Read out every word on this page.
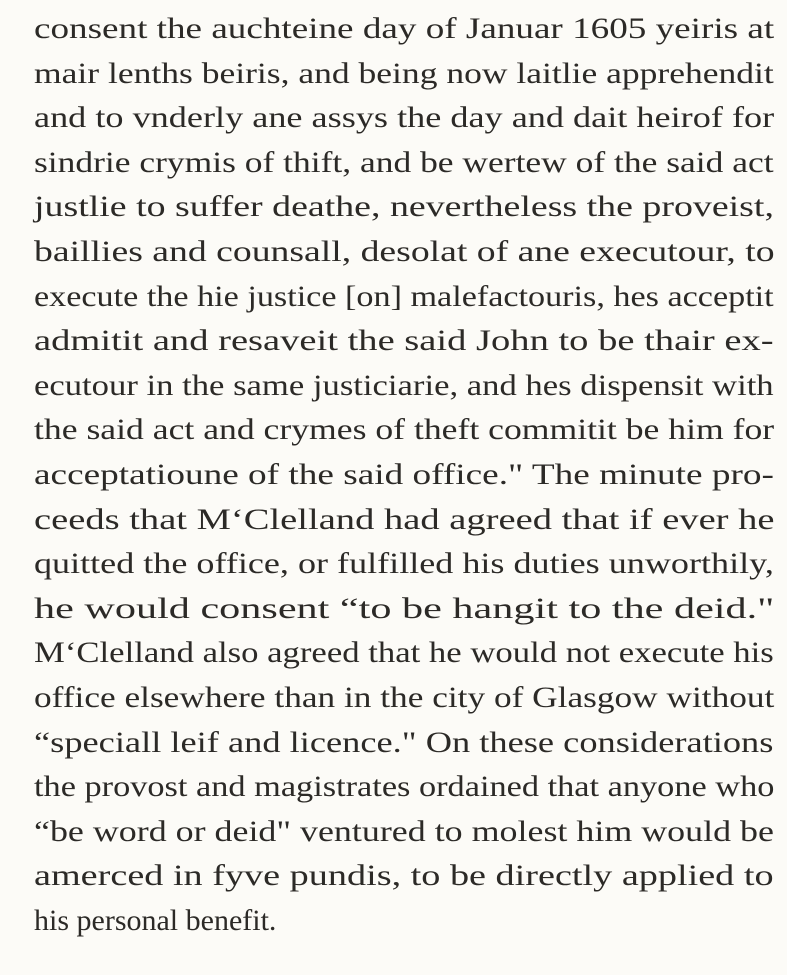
consent the auchteine day of Januar 1605 yeiris at
mair lenths beiris, and being now laitlie apprehendit
and to vnderly ane assys the day and dait heirof for
sindrie crymis of thift, and be wertew of the said act
justlie to suffer deathe, nevertheless the proveist,
baillies and counsall, desolat of ane executour, to
execute the hie justice [on] malefactouris, hes acceptit
admitit and resaveit the said John to be thair ex-
ecutour in the same justiciarie, and hes dispensit with
the said act and crymes of theft commitit be him for
acceptatioune of the said office." The minute pro-
ceeds that M‘Clelland had agreed that if ever he
quitted the office, or fulfilled his duties unworthily,
he would consent “to be hangit to the deid."
M‘Clelland also agreed that he would not execute his
office elsewhere than in the city of Glasgow without
“speciall leif and licence." On these considerations
the provost and magistrates ordained that anyone who
“be word or deid" ventured to molest him would be
amerced in fyve pundis, to be directly applied to
his personal benefit.
